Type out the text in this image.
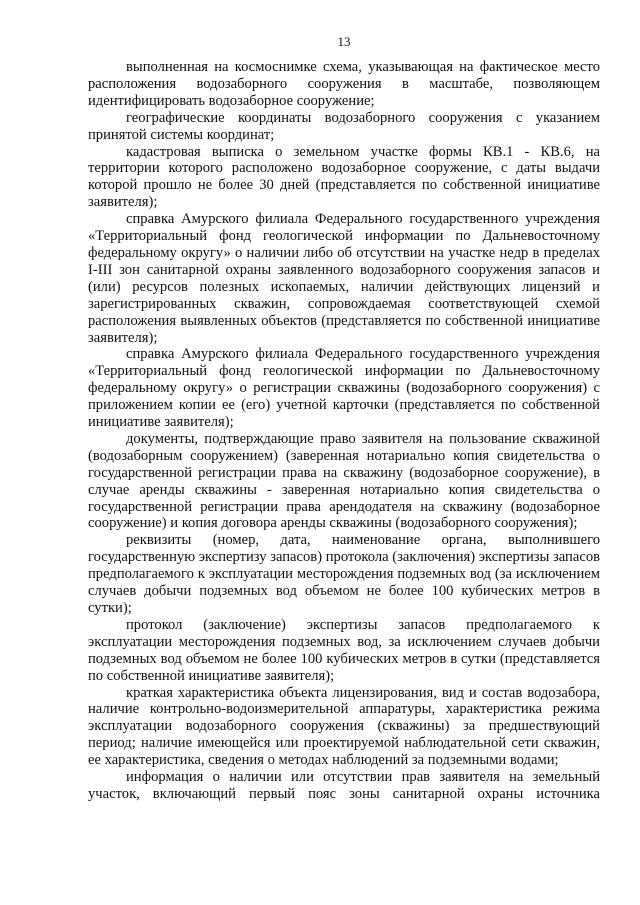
13

выполненная на космоснимке схема, указывающая на фактическое место расположения водозаборного сооружения в масштабе, позволяющем идентифицировать водозаборное сооружение;

географические координаты водозаборного сооружения с указанием принятой системы координат;

кадастровая выписка о земельном участке формы КВ.1 - КВ.6, на территории которого расположено водозаборное сооружение, с даты выдачи которой прошло не более 30 дней (представляется по собственной инициативе заявителя);

справка Амурского филиала Федерального государственного учреждения «Территориальный фонд геологической информации по Дальневосточному федеральному округу» о наличии либо об отсутствии на участке недр в пределах I-III зон санитарной охраны заявленного водозаборного сооружения запасов и (или) ресурсов полезных ископаемых, наличии действующих лицензий и зарегистрированных скважин, сопровождаемая соответствующей схемой расположения выявленных объектов (представляется по собственной инициативе заявителя);

справка Амурского филиала Федерального государственного учреждения «Территориальный фонд геологической информации по Дальневосточному федеральному округу» о регистрации скважины (водозаборного сооружения) с приложением копии ее (его) учетной карточки (представляется по собственной инициативе заявителя);

документы, подтверждающие право заявителя на пользование скважиной (водозаборным сооружением) (заверенная нотариально копия свидетельства о государственной регистрации права на скважину (водозаборное сооружение), в случае аренды скважины - заверенная нотариально копия свидетельства о государственной регистрации права арендодателя на скважину (водозаборное сооружение) и копия договора аренды скважины (водозаборного сооружения);

реквизиты (номер, дата, наименование органа, выполнившего государственную экспертизу запасов) протокола (заключения) экспертизы запасов предполагаемого к эксплуатации месторождения подземных вод (за исключением случаев добычи подземных вод объемом не более 100 кубических метров в сутки);

протокол (заключение) экспертизы запасов предполагаемого к эксплуатации месторождения подземных вод, за исключением случаев добычи подземных вод объемом не более 100 кубических метров в сутки (представляется по собственной инициативе заявителя);

краткая характеристика объекта лицензирования, вид и состав водозабора, наличие контрольно-водоизмерительной аппаратуры, характеристика режима эксплуатации водозаборного сооружения (скважины) за предшествующий период; наличие имеющейся или проектируемой наблюдательной сети скважин, ее характеристика, сведения о методах наблюдений за подземными водами;

информация о наличии или отсутствии прав заявителя на земельный участок, включающий первый пояс зоны санитарной охраны источника
